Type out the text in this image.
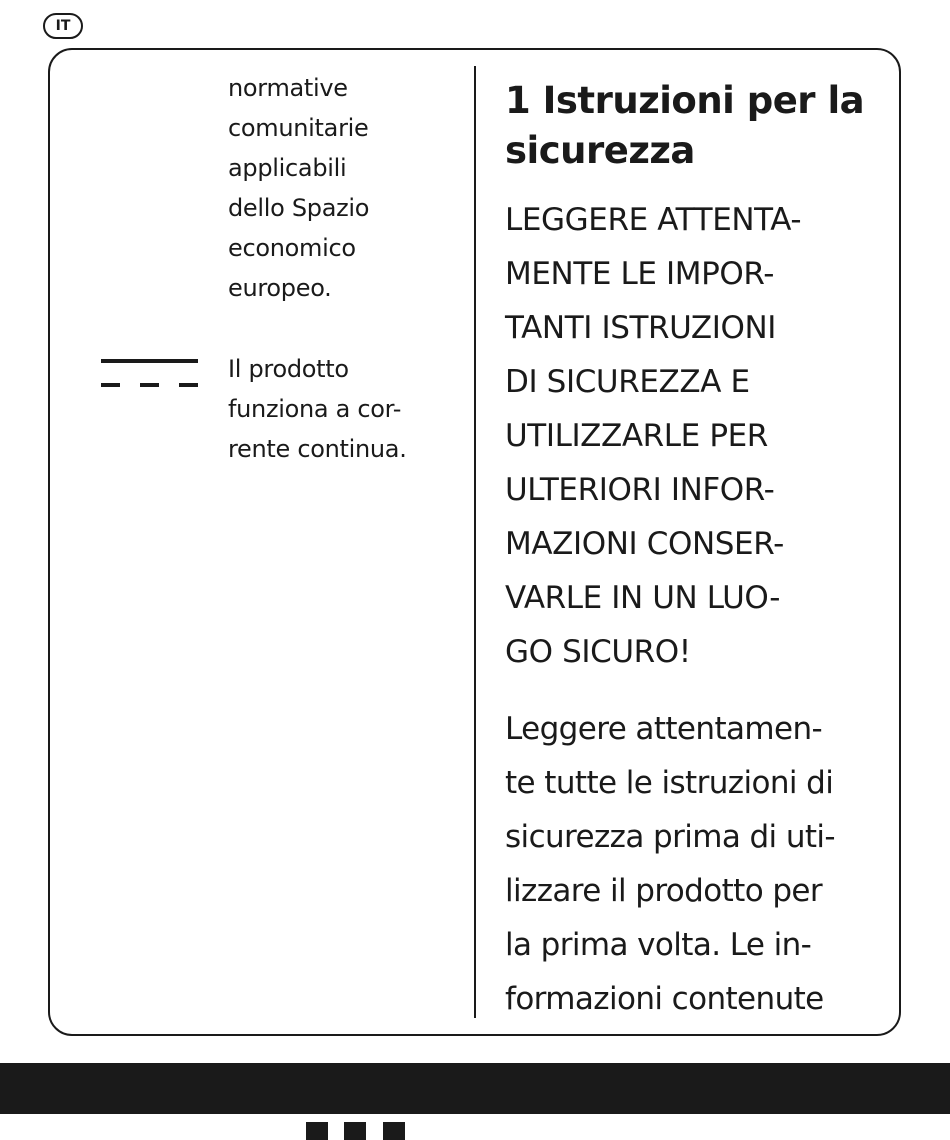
IT

normative
comunitarie
applicabili
dello Spazio
economico
europeo.

Il prodotto
funziona a cor-
rente continua.

1 Istruzioni per la
sicurezza

LEGGERE ATTENTA-
MENTE LE IMPOR-
TANTI ISTRUZIONI
DI SICUREZZA E
UTILIZZARLE PER
ULTERIORI INFOR-
MAZIONI CONSER-
VARLE IN UN LUO-
GO SICURO!

Leggere attentamen-
te tutte le istruzioni di
sicurezza prima di uti-
lizzare il prodotto per
la prima volta. Le in-
formazioni contenute
